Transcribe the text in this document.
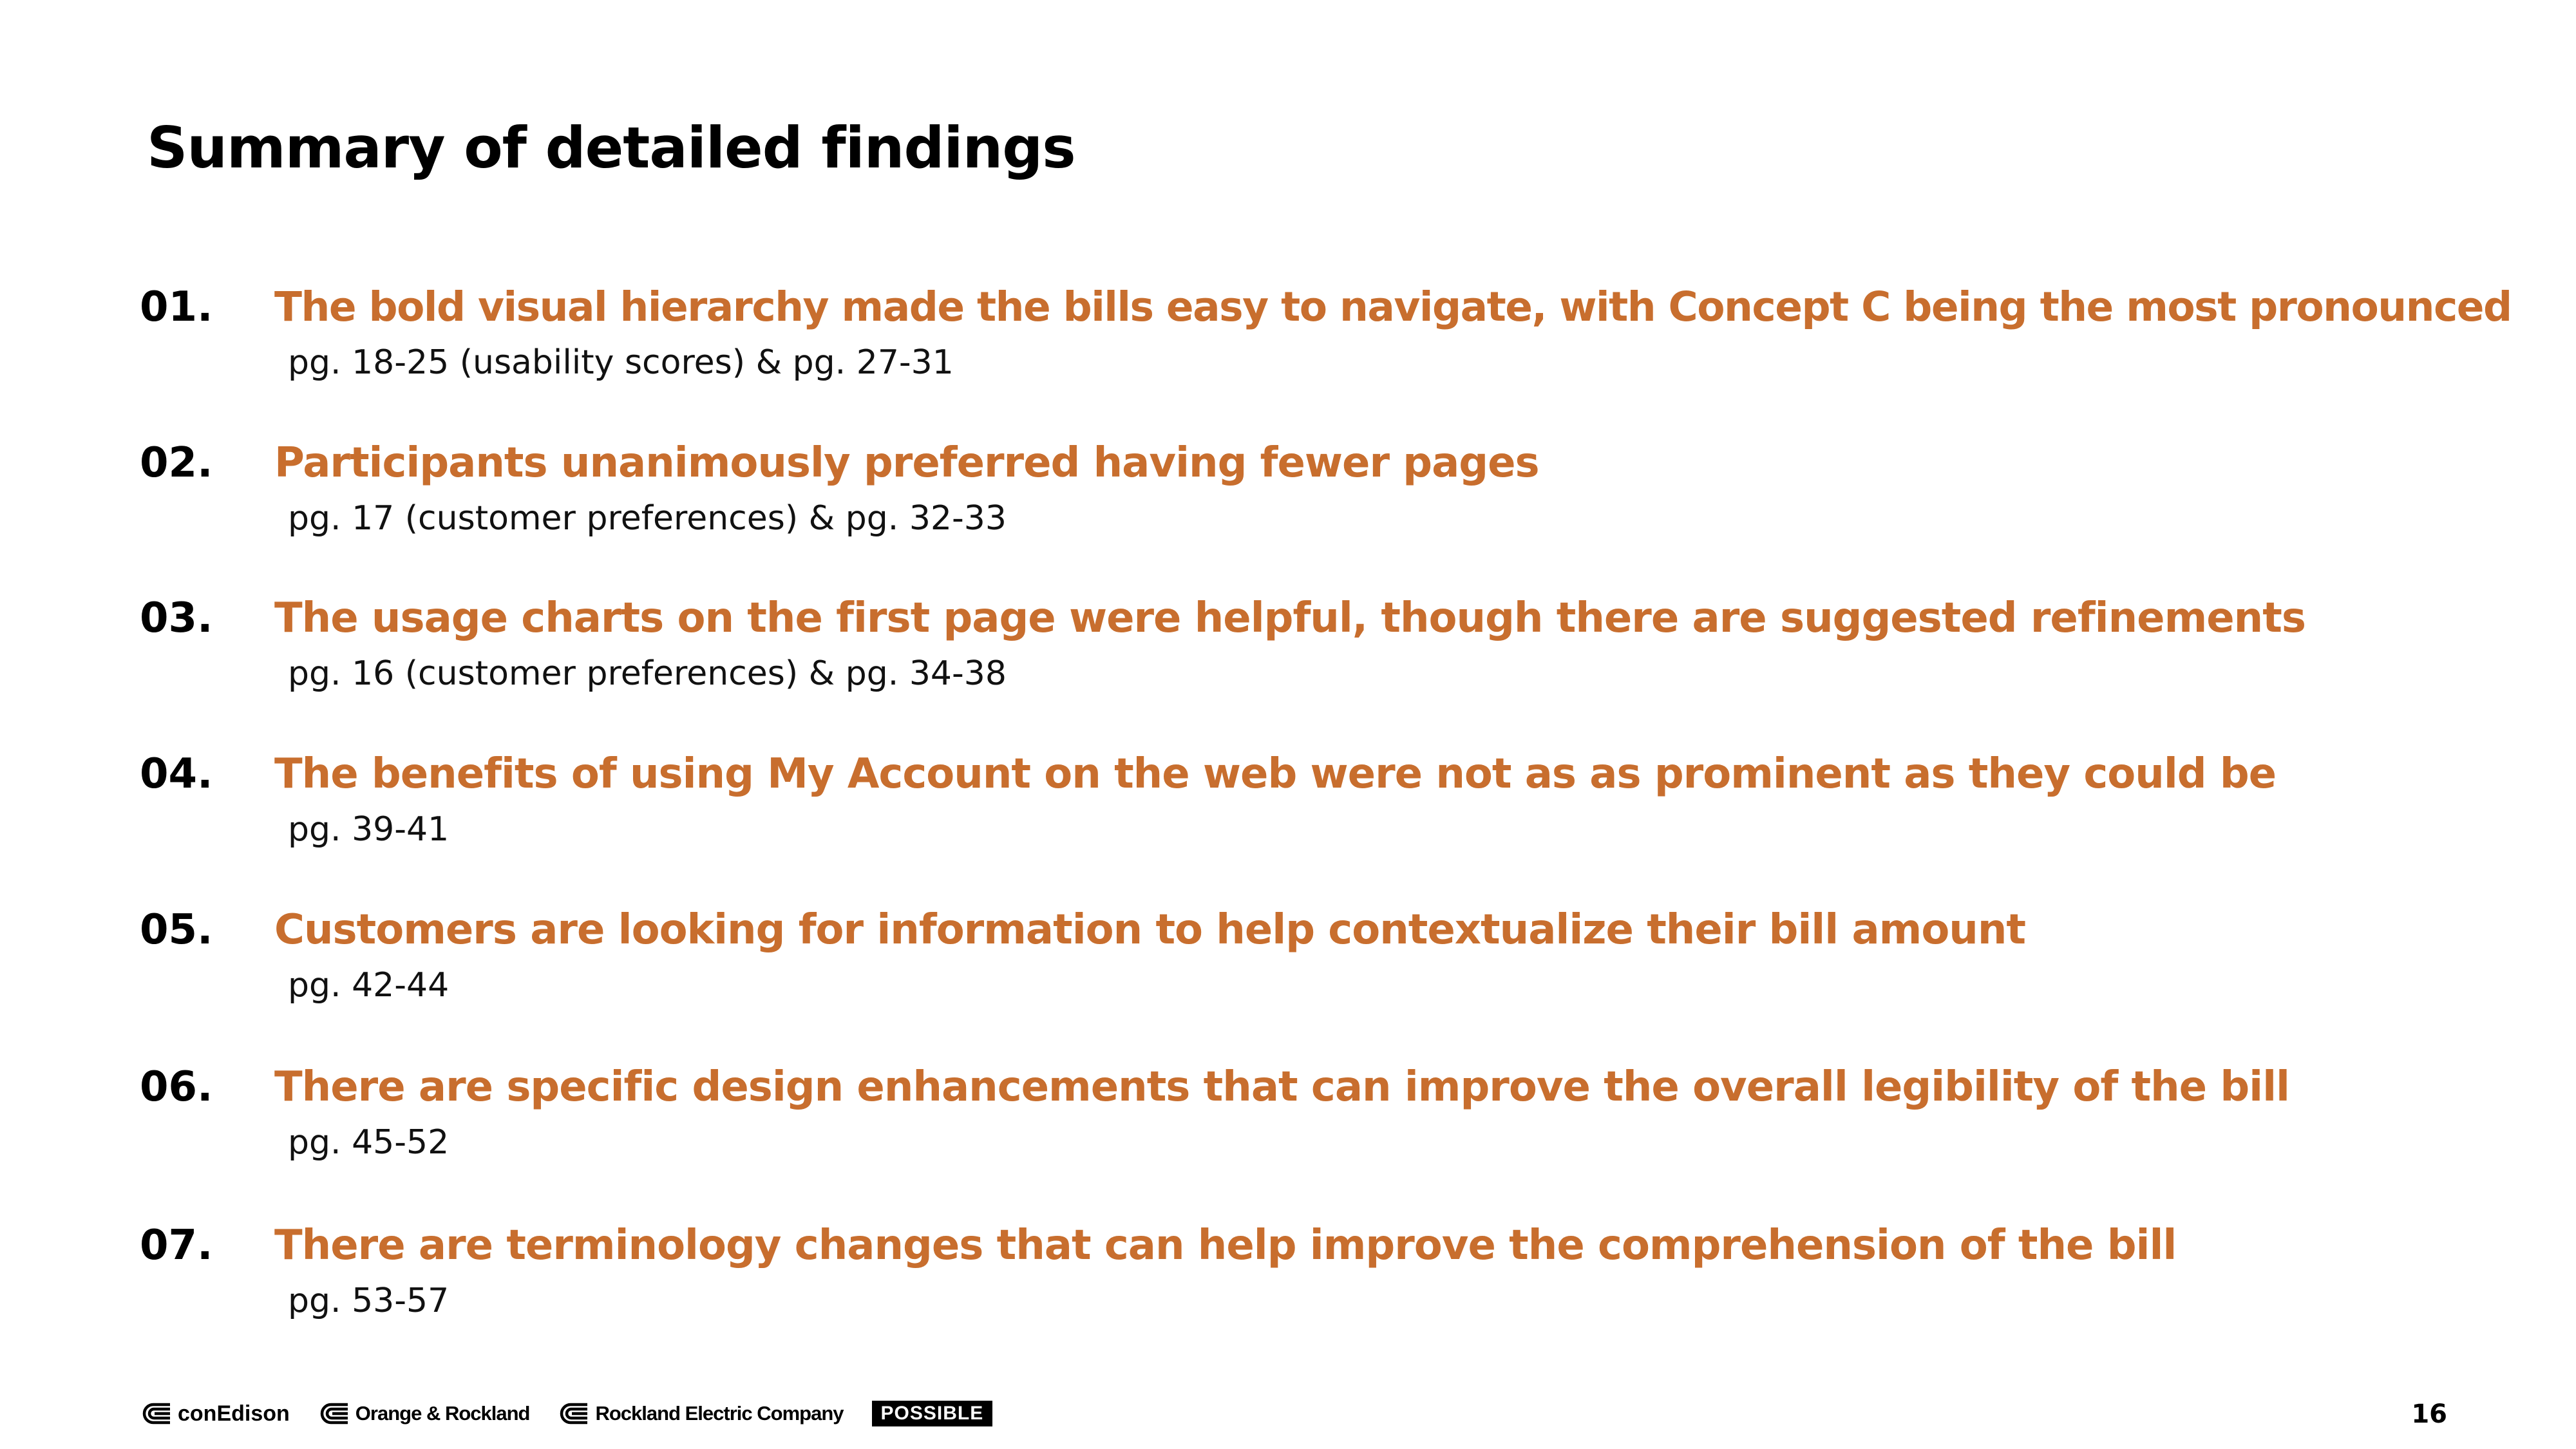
Summary of detailed findings
01. The bold visual hierarchy made the bills easy to navigate, with Concept C being the most pronounced
pg. 18-25 (usability scores) & pg. 27-31
02. Participants unanimously preferred having fewer pages
pg. 17 (customer preferences) & pg. 32-33
03. The usage charts on the first page were helpful, though there are suggested refinements
pg. 16 (customer preferences) & pg. 34-38
04. The benefits of using My Account on the web were not as as prominent as they could be
pg. 39-41
05. Customers are looking for information to help contextualize their bill amount
pg. 42-44
06. There are specific design enhancements that can improve the overall legibility of the bill
pg. 45-52
07. There are terminology changes that can help improve the comprehension of the bill
pg. 53-57
conEdison	Orange & Rockland	Rockland Electric Company	POSSIBLE	16
